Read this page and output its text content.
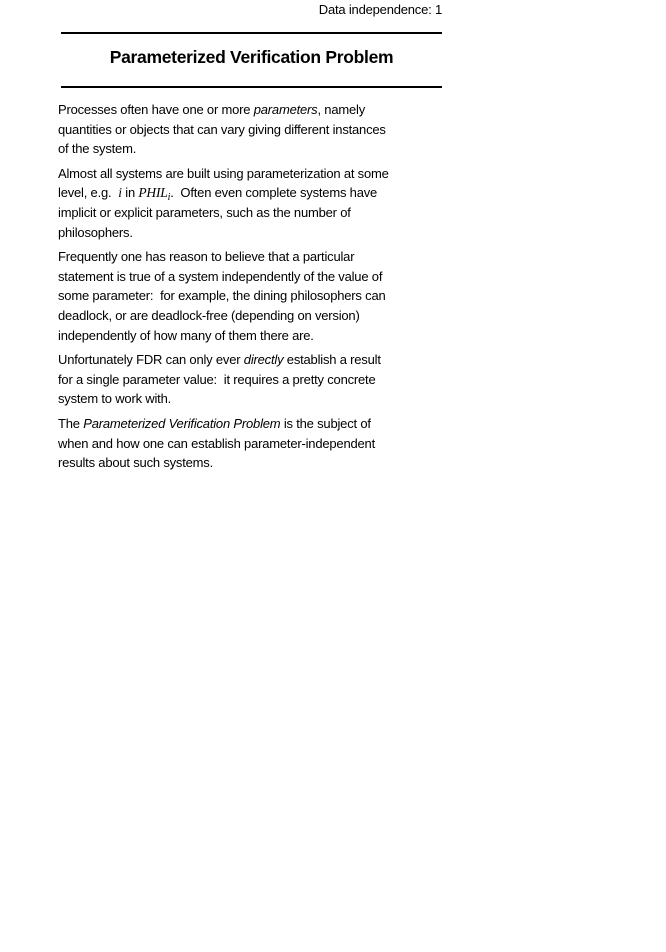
Data independence: 1
Parameterized Verification Problem
Processes often have one or more parameters, namely
quantities or objects that can vary giving different instances
of the system.
Almost all systems are built using parameterization at some
level, e.g.  i in $PHIL_i$.  Often even complete systems have
implicit or explicit parameters, such as the number of
philosophers.
Frequently one has reason to believe that a particular
statement is true of a system independently of the value of
some parameter:  for example, the dining philosophers can
deadlock, or are deadlock-free (depending on version)
independently of how many of them there are.
Unfortunately FDR can only ever directly establish a result
for a single parameter value:  it requires a pretty concrete
system to work with.
The Parameterized Verification Problem is the subject of
when and how one can establish parameter-independent
results about such systems.
